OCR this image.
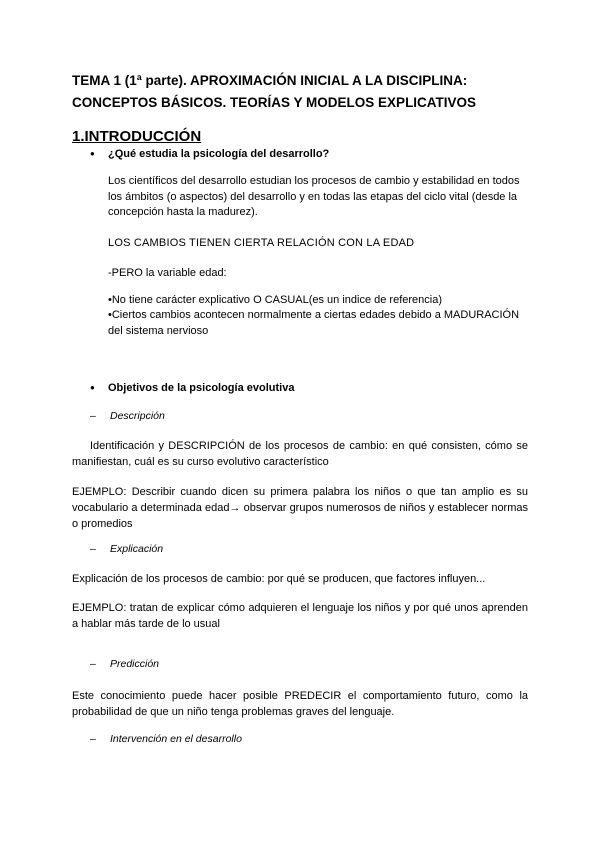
TEMA 1 (1ª parte). APROXIMACIÓN INICIAL A LA DISCIPLINA: CONCEPTOS BÁSICOS. TEORÍAS Y MODELOS EXPLICATIVOS
1.INTRODUCCIÓN
● ¿Qué estudia la psicología del desarrollo?
Los científicos del desarrollo estudian los procesos de cambio y estabilidad en todos los ámbitos (o aspectos) del desarrollo y en todas las etapas del ciclo vital (desde la concepción hasta la madurez).
LOS CAMBIOS TIENEN CIERTA RELACIÓN CON LA EDAD
-PERO la variable edad:
•No tiene carácter explicativo O CASUAL(es un indice de referencia)
•Ciertos cambios acontecen normalmente a ciertas edades debido a MADURACIÓN del sistema nervioso
● Objetivos de la psicología evolutiva
– Descripción
Identificación y DESCRIPCIÓN de los procesos de cambio: en qué consisten, cómo se manifiestan, cuál es su curso evolutivo característico
EJEMPLO: Describir cuando dicen su primera palabra los niños o que tan amplio es su vocabulario a determinada edad→ observar grupos numerosos de niños y establecer normas o promedios
– Explicación
Explicación de los procesos de cambio: por qué se producen, que factores influyen...
EJEMPLO: tratan de explicar cómo adquieren el lenguaje los niños y por qué unos aprenden a hablar más tarde de lo usual
– Predicción
Este conocimiento puede hacer posible PREDECIR el comportamiento futuro, como la probabilidad de que un niño tenga problemas graves del lenguaje.
– Intervención en el desarrollo
